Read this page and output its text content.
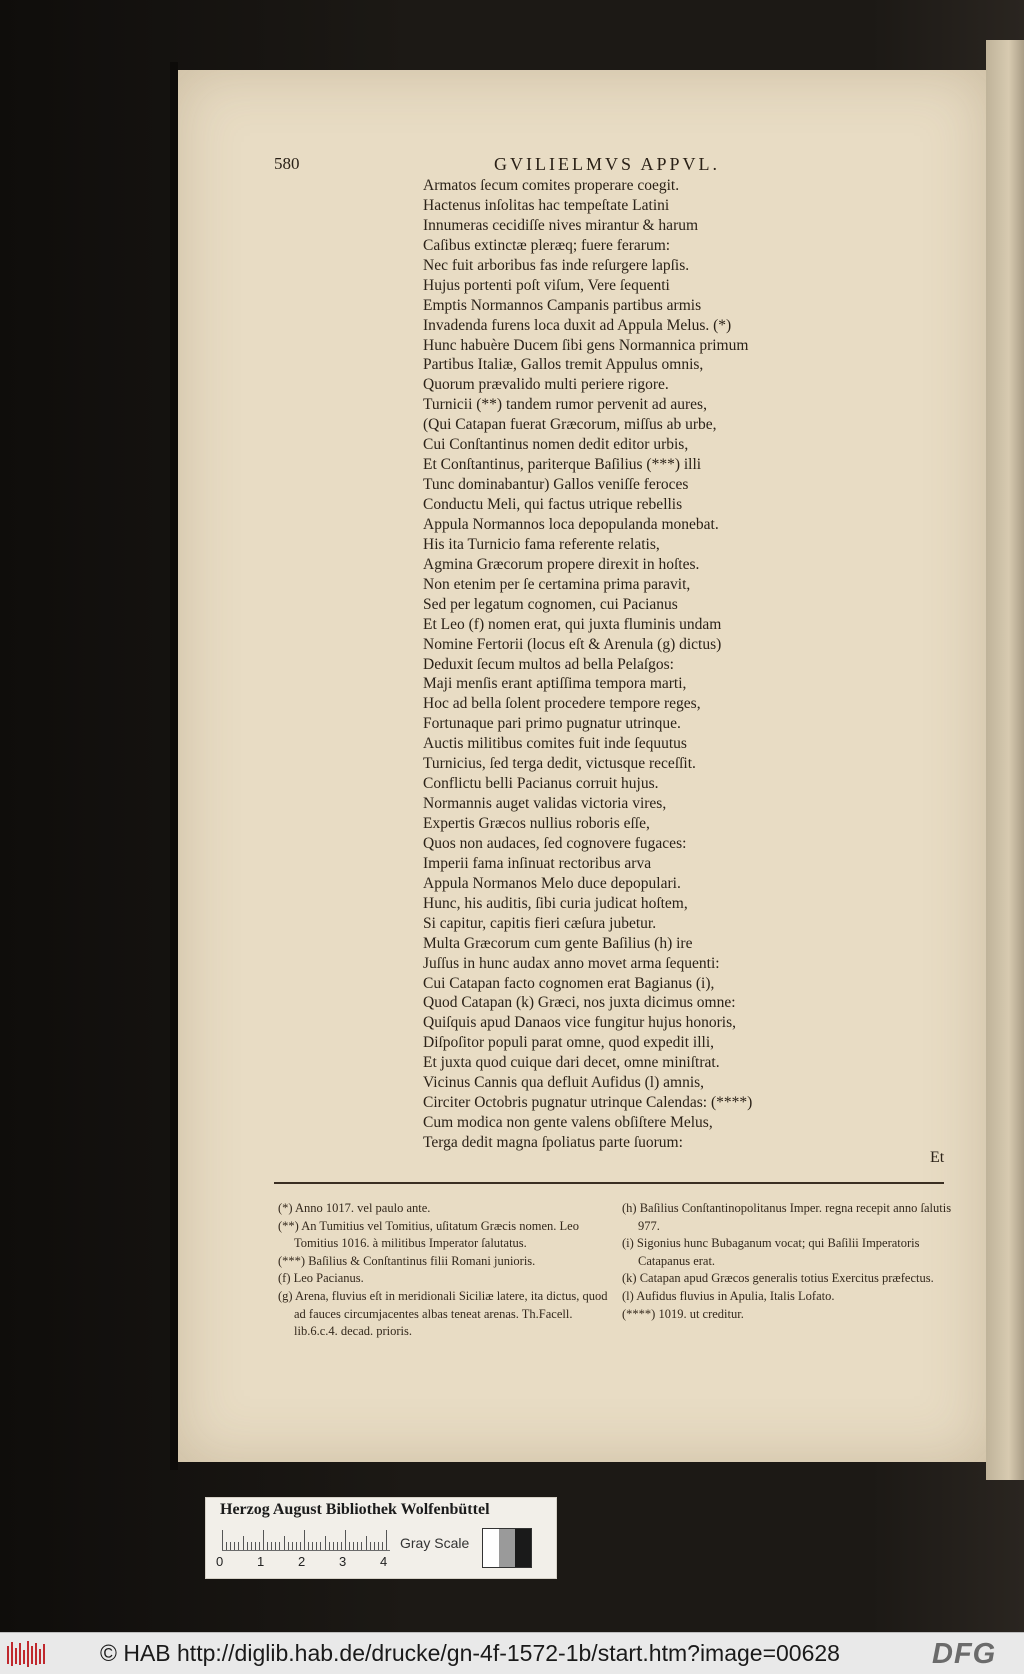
580	GVILIELMVS APPVL.
Armatos ſecum comites properare coegit.
Hactenus inſolitas hac tempeſtate Latini
Innumeras cecidiſſe nives mirantur & harum
Caſibus extinctæ pleræq; fuere ferarum:
Nec fuit arboribus fas inde reſurgere lapſis.
Hujus portenti poſt viſum, Vere ſequenti
Emptis Normannos Campanis partibus armis
Invadenda furens loca duxit ad Appula Melus. (*)
Hunc habuère Ducem ſibi gens Normannica primum
Partibus Italiæ, Gallos tremit Appulus omnis,
Quorum prævalido multi periere rigore.
Turnicii (**) tandem rumor pervenit ad aures,
(Qui Catapan fuerat Græcorum, miſſus ab urbe,
Cui Conſtantinus nomen dedit editor urbis,
Et Conſtantinus, pariterque Baſilius (***) illi
Tunc dominabantur) Gallos veniſſe feroces
Conductu Meli, qui factus utrique rebellis
Appula Normannos loca depopulanda monebat.
His ita Turnicio fama referente relatis,
Agmina Græcorum propere direxit in hoſtes.
Non etenim per ſe certamina prima paravit,
Sed per legatum cognomen, cui Pacianus
Et Leo (f) nomen erat, qui juxta fluminis undam
Nomine Fertorii (locus eſt & Arenula (g) dictus)
Deduxit ſecum multos ad bella Pelaſgos:
Maji menſis erant aptiſſima tempora marti,
Hoc ad bella ſolent procedere tempore reges,
Fortunaque pari primo pugnatur utrinque.
Auctis militibus comites fuit inde ſequutus
Turnicius, ſed terga dedit, victusque receſſit.
Conflictu belli Pacianus corruit hujus.
Normannis auget validas victoria vires,
Expertis Græcos nullius roboris eſſe,
Quos non audaces, ſed cognovere fugaces:
Imperii fama inſinuat rectoribus arva
Appula Normanos Melo duce depopulari.
Hunc, his auditis, ſibi curia judicat hoſtem,
Si capitur, capitis fieri cæſura jubetur.
Multa Græcorum cum gente Baſilius (h) ire
Juſſus in hunc audax anno movet arma ſequenti:
Cui Catapan facto cognomen erat Bagianus (i),
Quod Catapan (k) Græci, nos juxta dicimus omne:
Quiſquis apud Danaos vice fungitur hujus honoris,
Diſpoſitor populi parat omne, quod expedit illi,
Et juxta quod cuique dari decet, omne miniſtrat.
Vicinus Cannis qua defluit Aufidus (l) amnis,
Circiter Octobris pugnatur utrinque Calendas: (****)
Cum modica non gente valens obſiſtere Melus,
Terga dedit magna ſpoliatus parte ſuorum:
Et
(*) Anno 1017. vel paulo ante.
(**) An Tumitius vel Tomitius, uſitatum Græcis nomen. Leo Tomitius 1016. à militibus Imperator ſalutatus.
(***) Baſilius & Conſtantinus filii Romani junioris.
(f) Leo Pacianus.
(g) Arena, fluvius eſt in meridionali Siciliæ latere, ita dictus, quod ad fauces circumjacentes albas teneat arenas. Th.Facell. lib.6.c.4. decad. prioris.
(h) Baſilius Conſtantinopolitanus Imper. regna recepit anno ſalutis 977.
(i) Sigonius hunc Bubaganum vocat; qui Baſilii Imperatoris Catapanus erat.
(k) Catapan apud Græcos generalis totius Exercitus præfectus.
(l) Aufidus fluvius in Apulia, Italis Lofato.
(****) 1019. ut creditur.
Herzog August Bibliothek Wolfenbüttel
0	1	2	3	4
Gray Scale
© HAB http://diglib.hab.de/drucke/gn-4f-1572-1b/start.htm?image=00628	DFG
